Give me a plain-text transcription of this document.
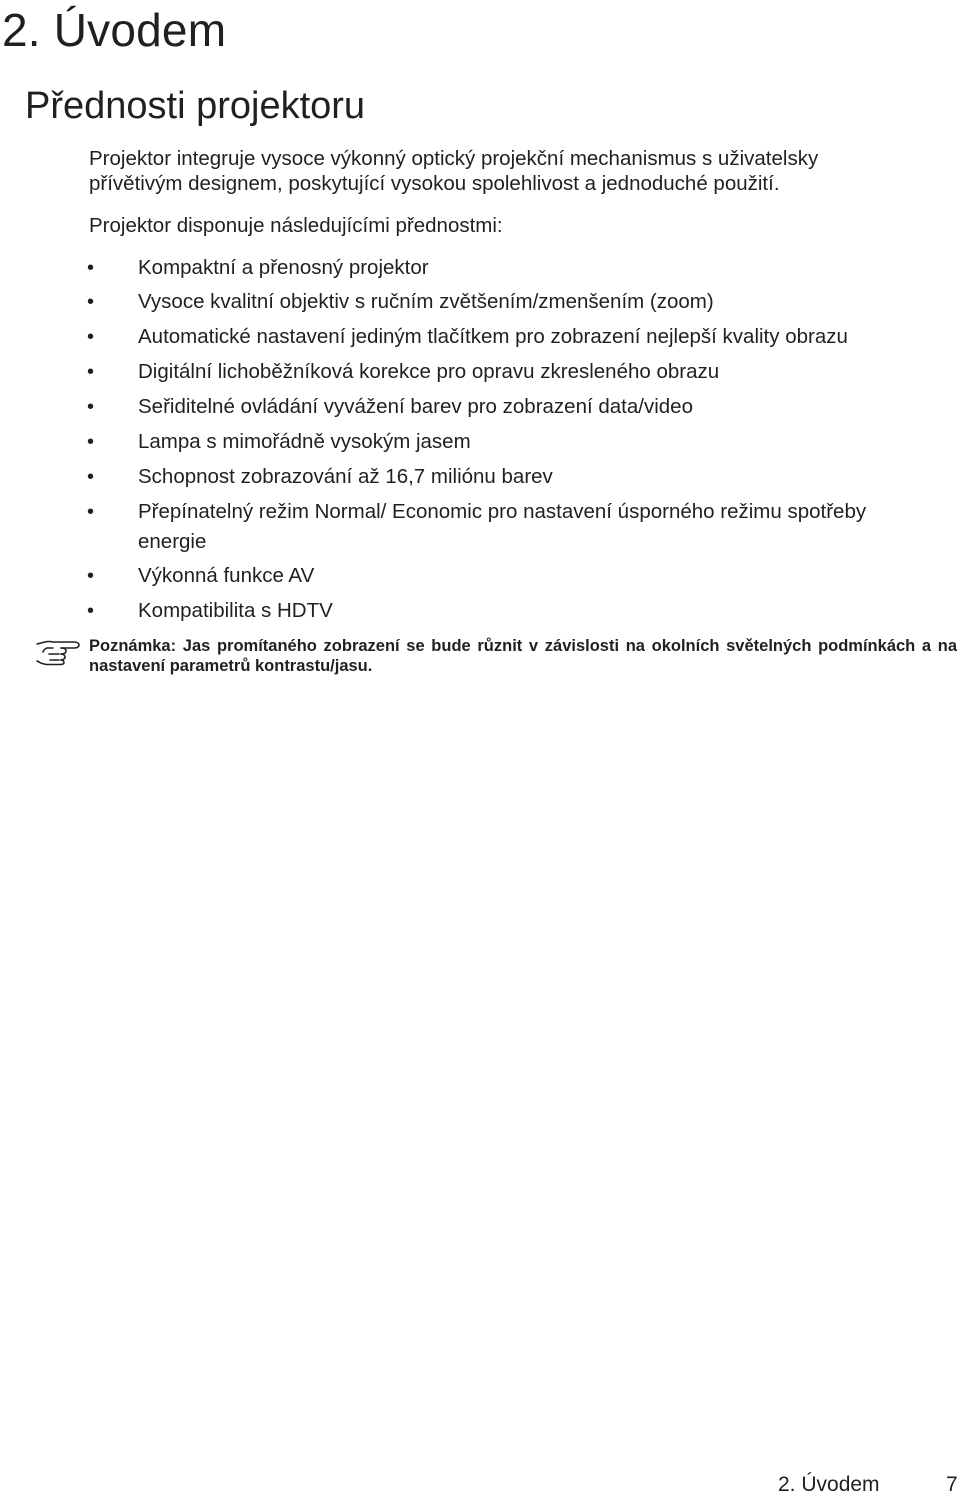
2. Úvodem
Přednosti projektoru

Projektor integruje vysoce výkonný optický projekční mechanismus s uživatelsky
přívětivým designem, poskytující vysokou spolehlivost a jednoduché použití.

Projektor disponuje následujícími přednostmi:

• Kompaktní a přenosný projektor
• Vysoce kvalitní objektiv s ručním zvětšením/zmenšením (zoom)
• Automatické nastavení jediným tlačítkem pro zobrazení nejlepší kvality obrazu
• Digitální lichoběžníková korekce pro opravu zkresleného obrazu
• Seřiditelné ovládání vyvážení barev pro zobrazení data/video
• Lampa s mimořádně vysokým jasem
• Schopnost zobrazování až 16,7 miliónu barev
• Přepínatelný režim Normal/ Economic pro nastavení úsporného režimu spotřeby energie
• Výkonná funkce AV
• Kompatibilita s HDTV

Poznámka: Jas promítaného zobrazení se bude různit v závislosti na okolních světelných podmínkách a na nastavení parametrů kontrastu/jasu.

2. Úvodem	7
